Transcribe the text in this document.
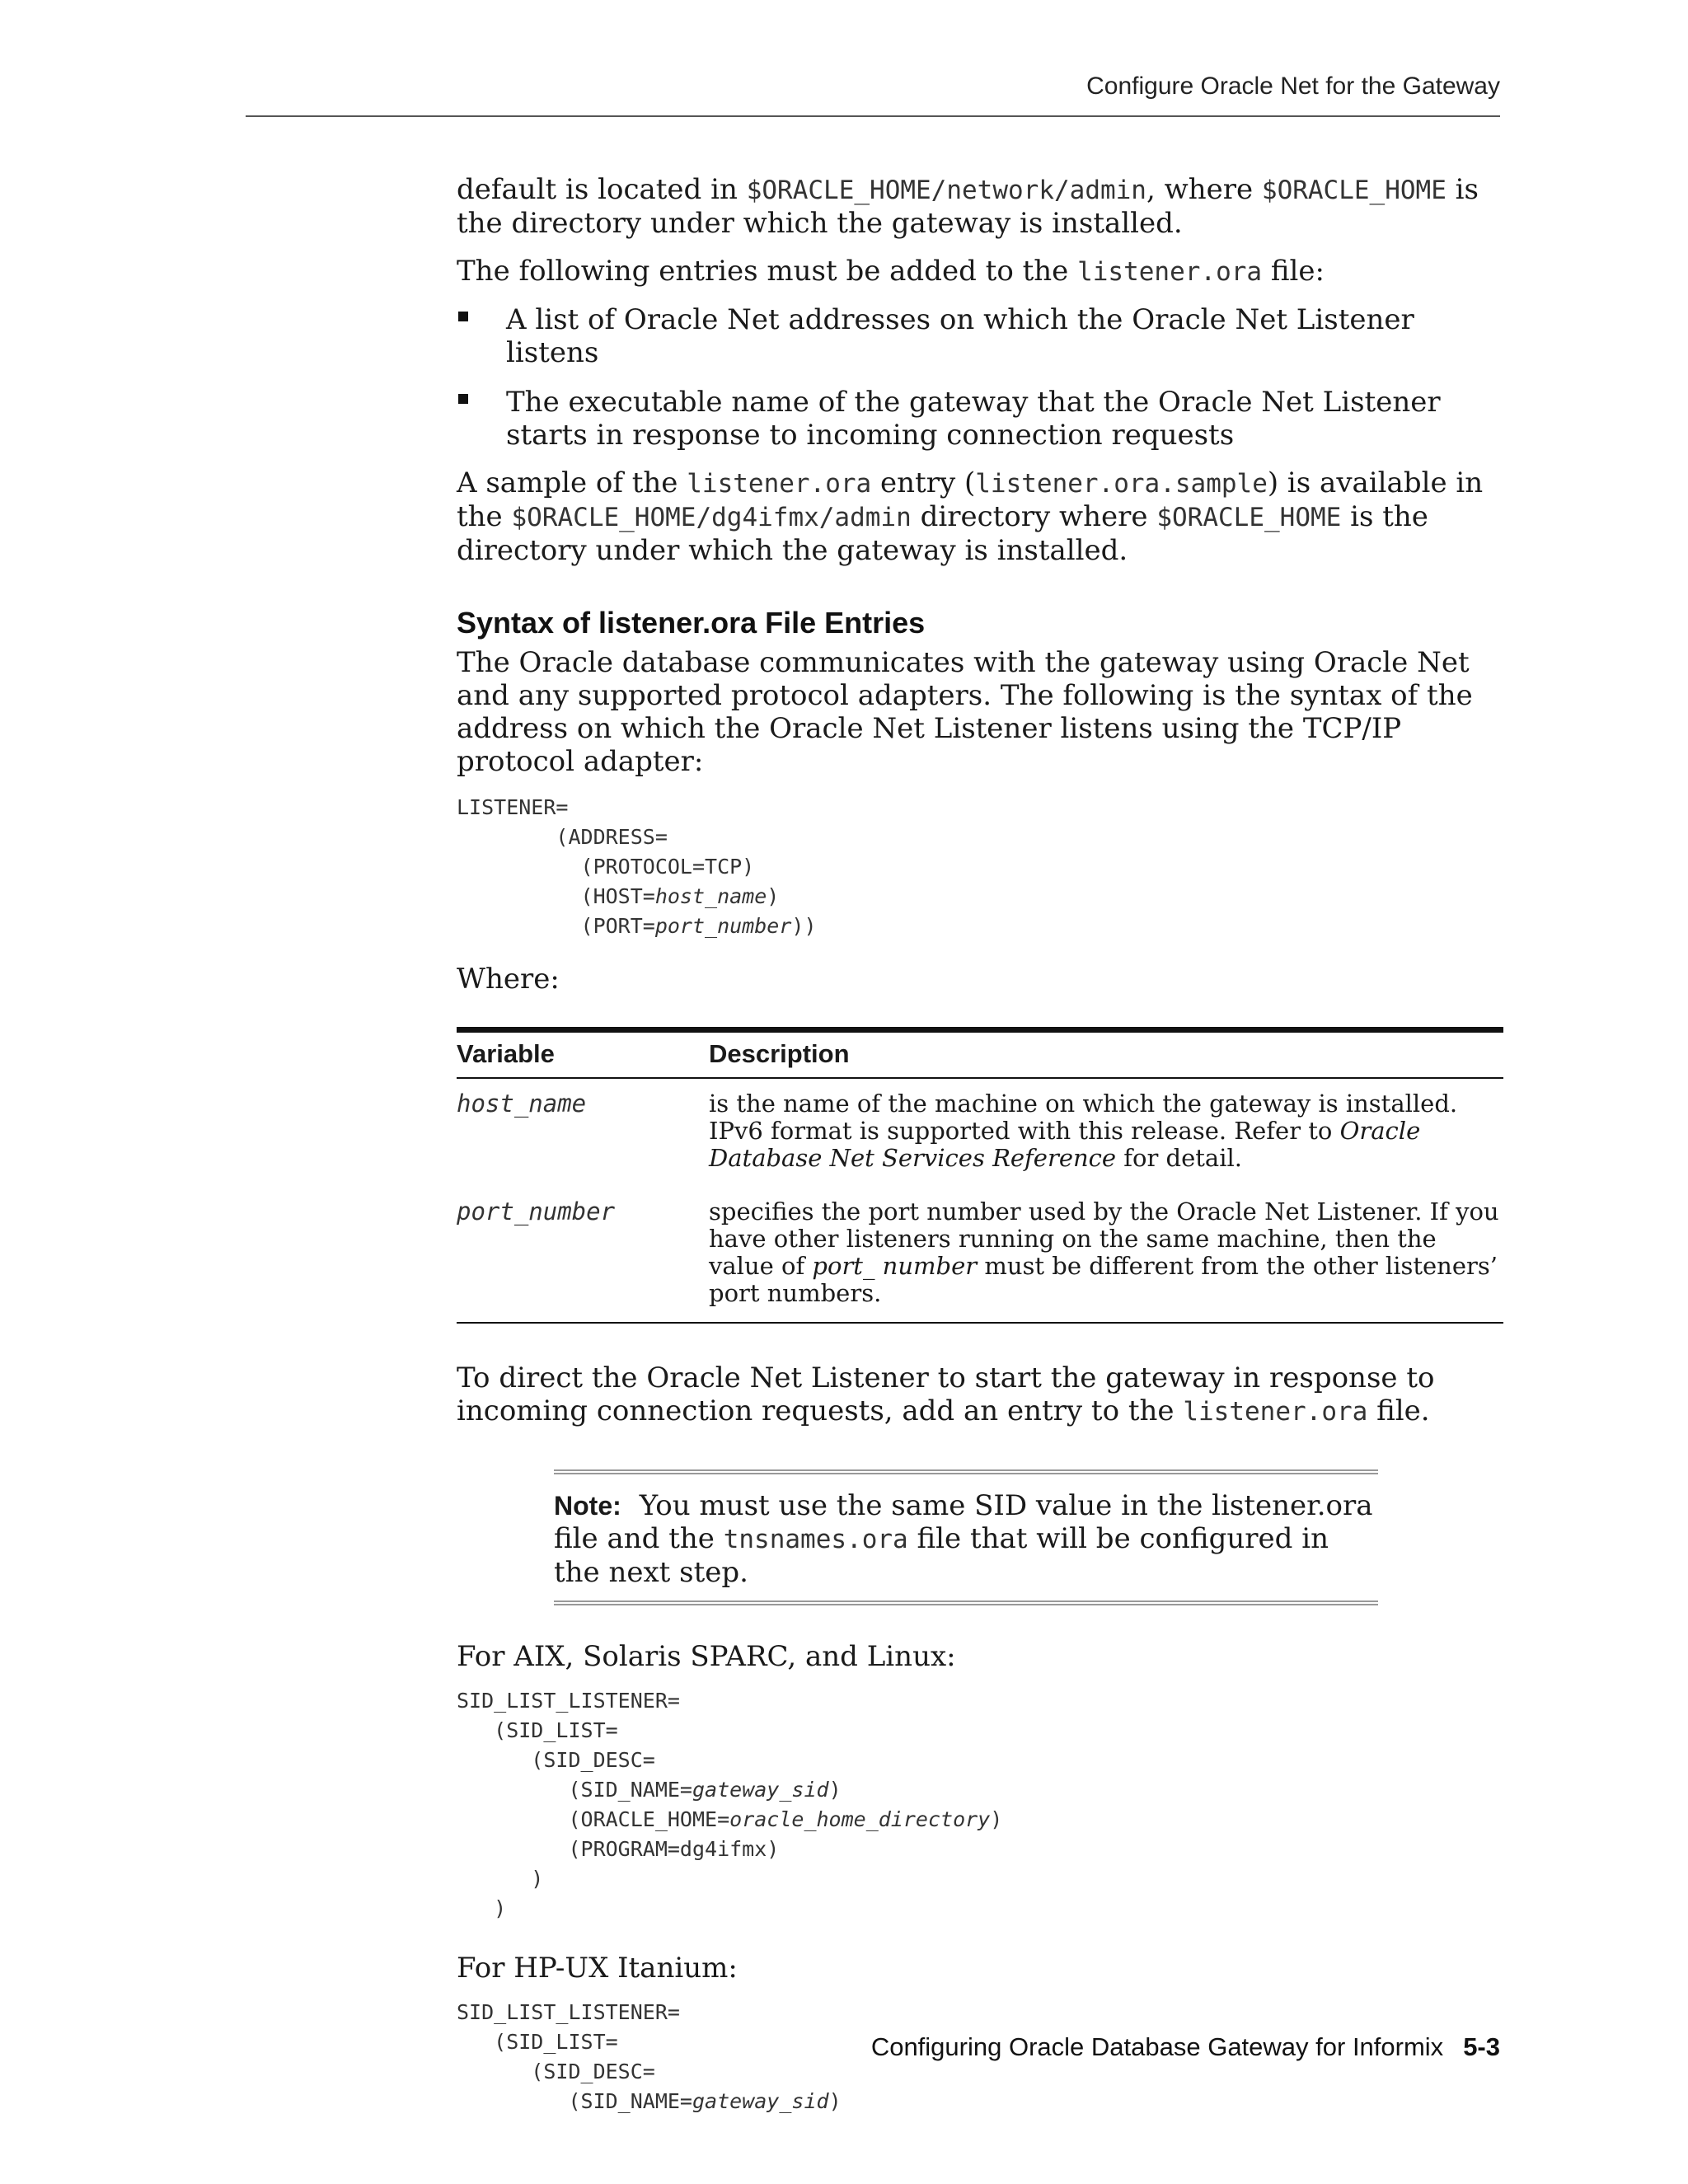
Configure Oracle Net for the Gateway

default is located in $ORACLE_HOME/network/admin, where $ORACLE_HOME is the directory under which the gateway is installed.

The following entries must be added to the listener.ora file:

A list of Oracle Net addresses on which the Oracle Net Listener listens
The executable name of the gateway that the Oracle Net Listener starts in response to incoming connection requests

A sample of the listener.ora entry (listener.ora.sample) is available in the $ORACLE_HOME/dg4ifmx/admin directory where $ORACLE_HOME is the directory under which the gateway is installed.

Syntax of listener.ora File Entries

The Oracle database communicates with the gateway using Oracle Net and any supported protocol adapters. The following is the syntax of the address on which the Oracle Net Listener listens using the TCP/IP protocol adapter:

LISTENER=
(ADDRESS=
(PROTOCOL=TCP)
(HOST=host_name)
(PORT=port_number))

Where:

Variable	Description
host_name	is the name of the machine on which the gateway is installed. IPv6 format is supported with this release. Refer to Oracle Database Net Services Reference for detail.
port_number	specifies the port number used by the Oracle Net Listener. If you have other listeners running on the same machine, then the value of port_ number must be different from the other listeners’ port numbers.

To direct the Oracle Net Listener to start the gateway in response to incoming connection requests, add an entry to the listener.ora file.

Note: You must use the same SID value in the listener.ora file and the tnsnames.ora file that will be configured in the next step.

For AIX, Solaris SPARC, and Linux:

SID_LIST_LISTENER=
(SID_LIST=
(SID_DESC=
(SID_NAME=gateway_sid)
(ORACLE_HOME=oracle_home_directory)
(PROGRAM=dg4ifmx)
)
)

For HP-UX Itanium:

SID_LIST_LISTENER=
(SID_LIST=
(SID_DESC=
(SID_NAME=gateway_sid)
Configuring Oracle Database Gateway for Informix 5-3
